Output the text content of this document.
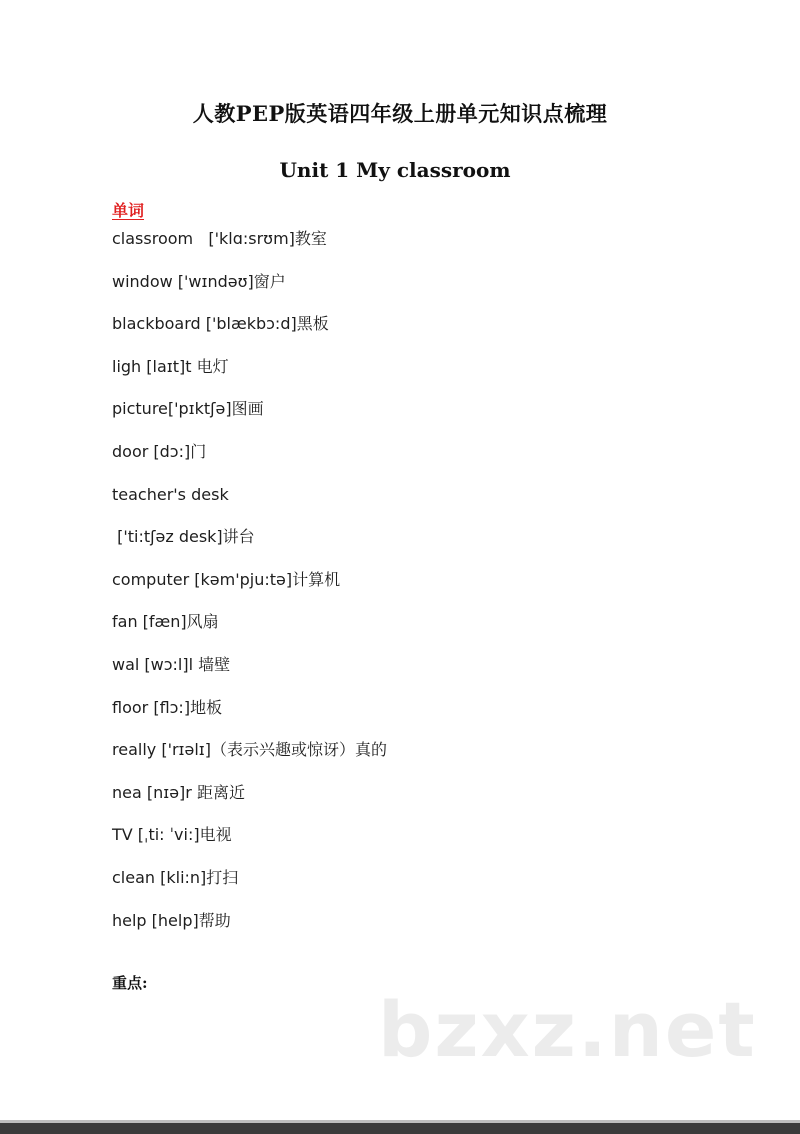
人教PEP版英语四年级上册单元知识点梳理
Unit 1 My classroom
单词
classroom   ['klɑ:srʊm]教室
window ['wɪndəʊ]窗户
blackboard ['blækbɔ:d]黑板
ligh [laɪt]t 电灯
picture['pɪktʃə]图画
door [dɔ:]门
teacher's desk
['ti:tʃəz desk]讲台
computer [kəm'pju:tə]计算机
fan [fæn]风扇
wal [wɔ:l]l 墙壁
floor [flɔ:]地板
really ['rɪəlɪ]（表示兴趣或惊讶）真的
nea [nɪə]r 距离近
TV [ˌti: ˈvi:]电视
clean [kli:n]打扫
help [help]帮助
重点:
bzxz.net
